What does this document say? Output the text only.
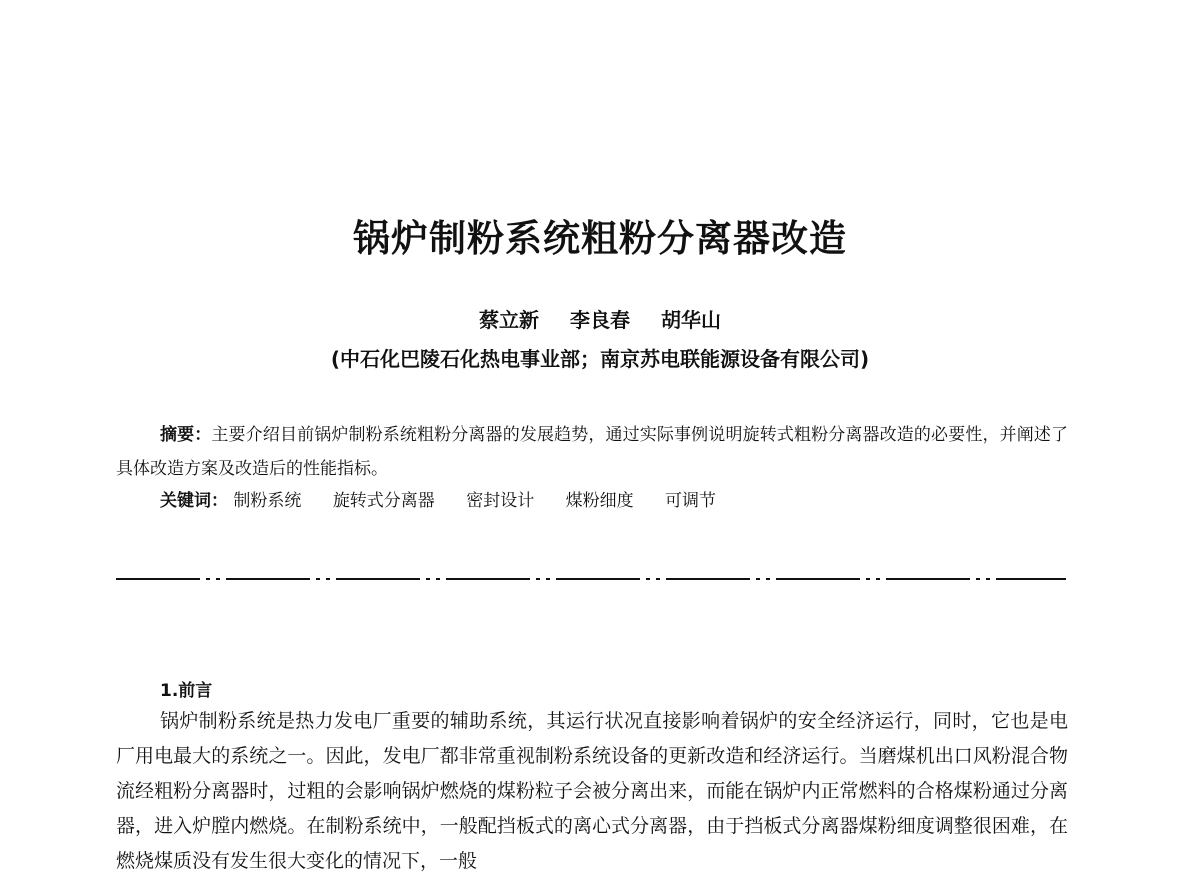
锅炉制粉系统粗粉分离器改造
蔡立新 李良春 胡华山
(中石化巴陵石化热电事业部；南京苏电联能源设备有限公司)

摘要：主要介绍目前锅炉制粉系统粗粉分离器的发展趋势，通过实际事例说明旋转式粗粉分离器改造的必要性，并阐述了具体改造方案及改造后的性能指标。

关键词： 制粉系统 旋转式分离器 密封设计 煤粉细度 可调节
1.前言

锅炉制粉系统是热力发电厂重要的辅助系统，其运行状况直接影响着锅炉的安全经济运行，同时，它也是电厂用电最大的系统之一。因此，发电厂都非常重视制粉系统设备的更新改造和经济运行。当磨煤机出口风粉混合物流经粗粉分离器时，过粗的会影响锅炉燃烧的煤粉粒子会被分离出来，而能在锅炉内正常燃料的合格煤粉通过分离器，进入炉膛内燃烧。在制粉系统中，一般配挡板式的离心式分离器，由于挡板式分离器煤粉细度调整很困难，在燃烧煤质没有发生很大变化的情况下，一般
